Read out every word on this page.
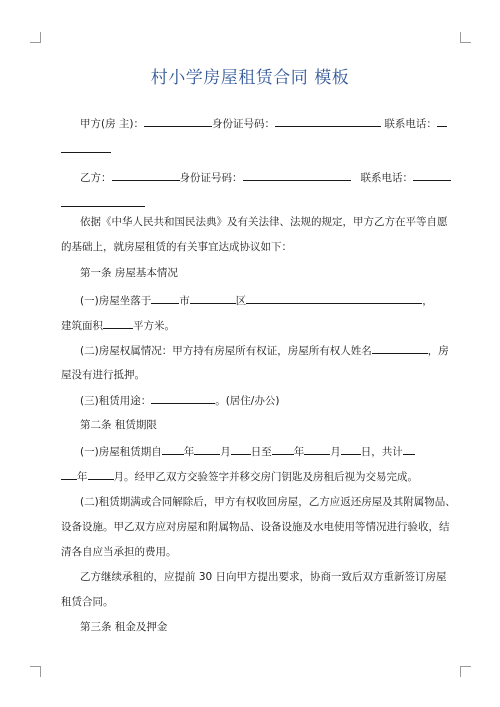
村小学房屋租赁合同 模板
甲方(房 主)：	身份证号码：	联系电话：
乙方：	身份证号码：	联系电话：
依据《中华人民共和国民法典》及有关法律、法规的规定，甲方乙方在平等自愿
的基础上，就房屋租赁的有关事宜达成协议如下：
第一条 房屋基本情况
(一)房屋坐落于	市	区	，
建筑面积	平方米。
(二)房屋权属情况：甲方持有房屋所有权证，房屋所有权人姓名	，房
屋没有进行抵押。
(三)租赁用途：	。(居住/办公)
第二条 租赁期限
(一)房屋租赁期自 年 月 日至 年 月 日，共计
年 月。经甲乙双方交验签字并移交房门钥匙及房租后视为交易完成。
(二)租赁期满或合同解除后，甲方有权收回房屋，乙方应返还房屋及其附属物品、
设备设施。甲乙双方应对房屋和附属物品、设备设施及水电使用等情况进行验收，结
清各自应当承担的费用。
乙方继续承租的，应提前 30 日向甲方提出要求，协商一致后双方重新签订房屋
租赁合同。
第三条 租金及押金
